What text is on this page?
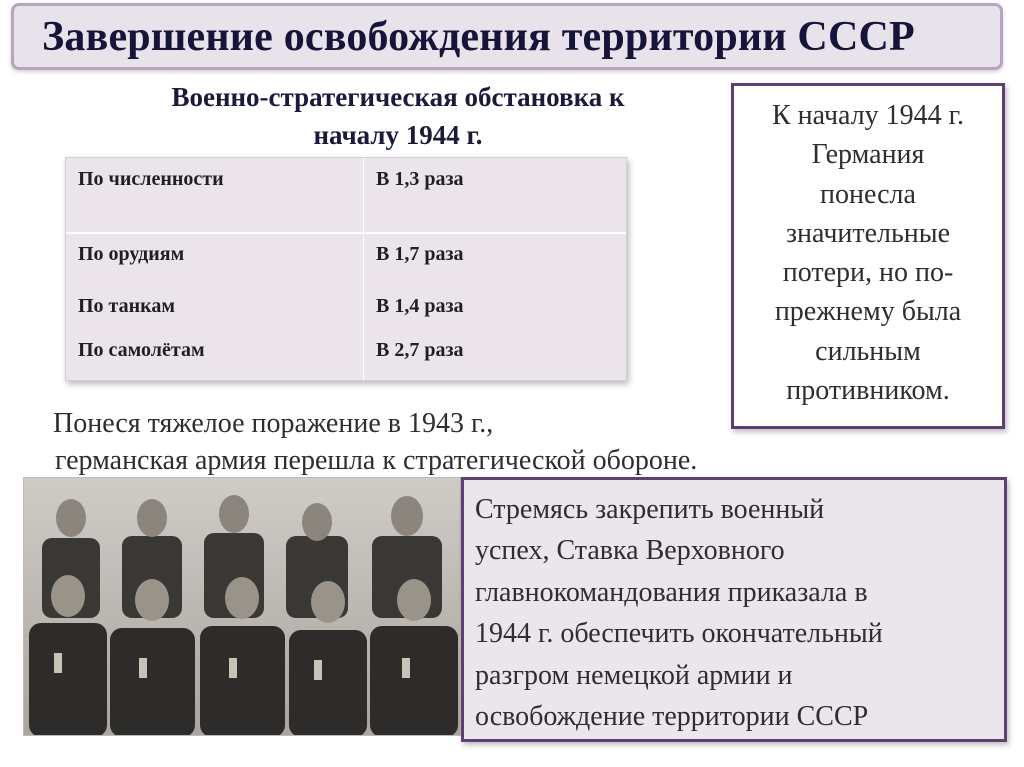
Завершение освобождения территории СССР
Военно-стратегическая обстановка к
началу 1944 г.
По численности	В 1,3 раза
По орудиям	В 1,7 раза
По танкам	В 1,4 раза
По самолётам	В 2,7 раза

К началу 1944 г.

Германия

понесла

значительные

потери, но по-

прежнему была

сильным

противником.

Понеся тяжелое поражение в 1943 г.,
германская армия перешла к стратегической обороне.
Стремясь закрепить военный
успех, Ставка Верховного
главнокомандования приказала в
1944 г. обеспечить окончательный
разгром немецкой армии и
освобождение территории СССР
